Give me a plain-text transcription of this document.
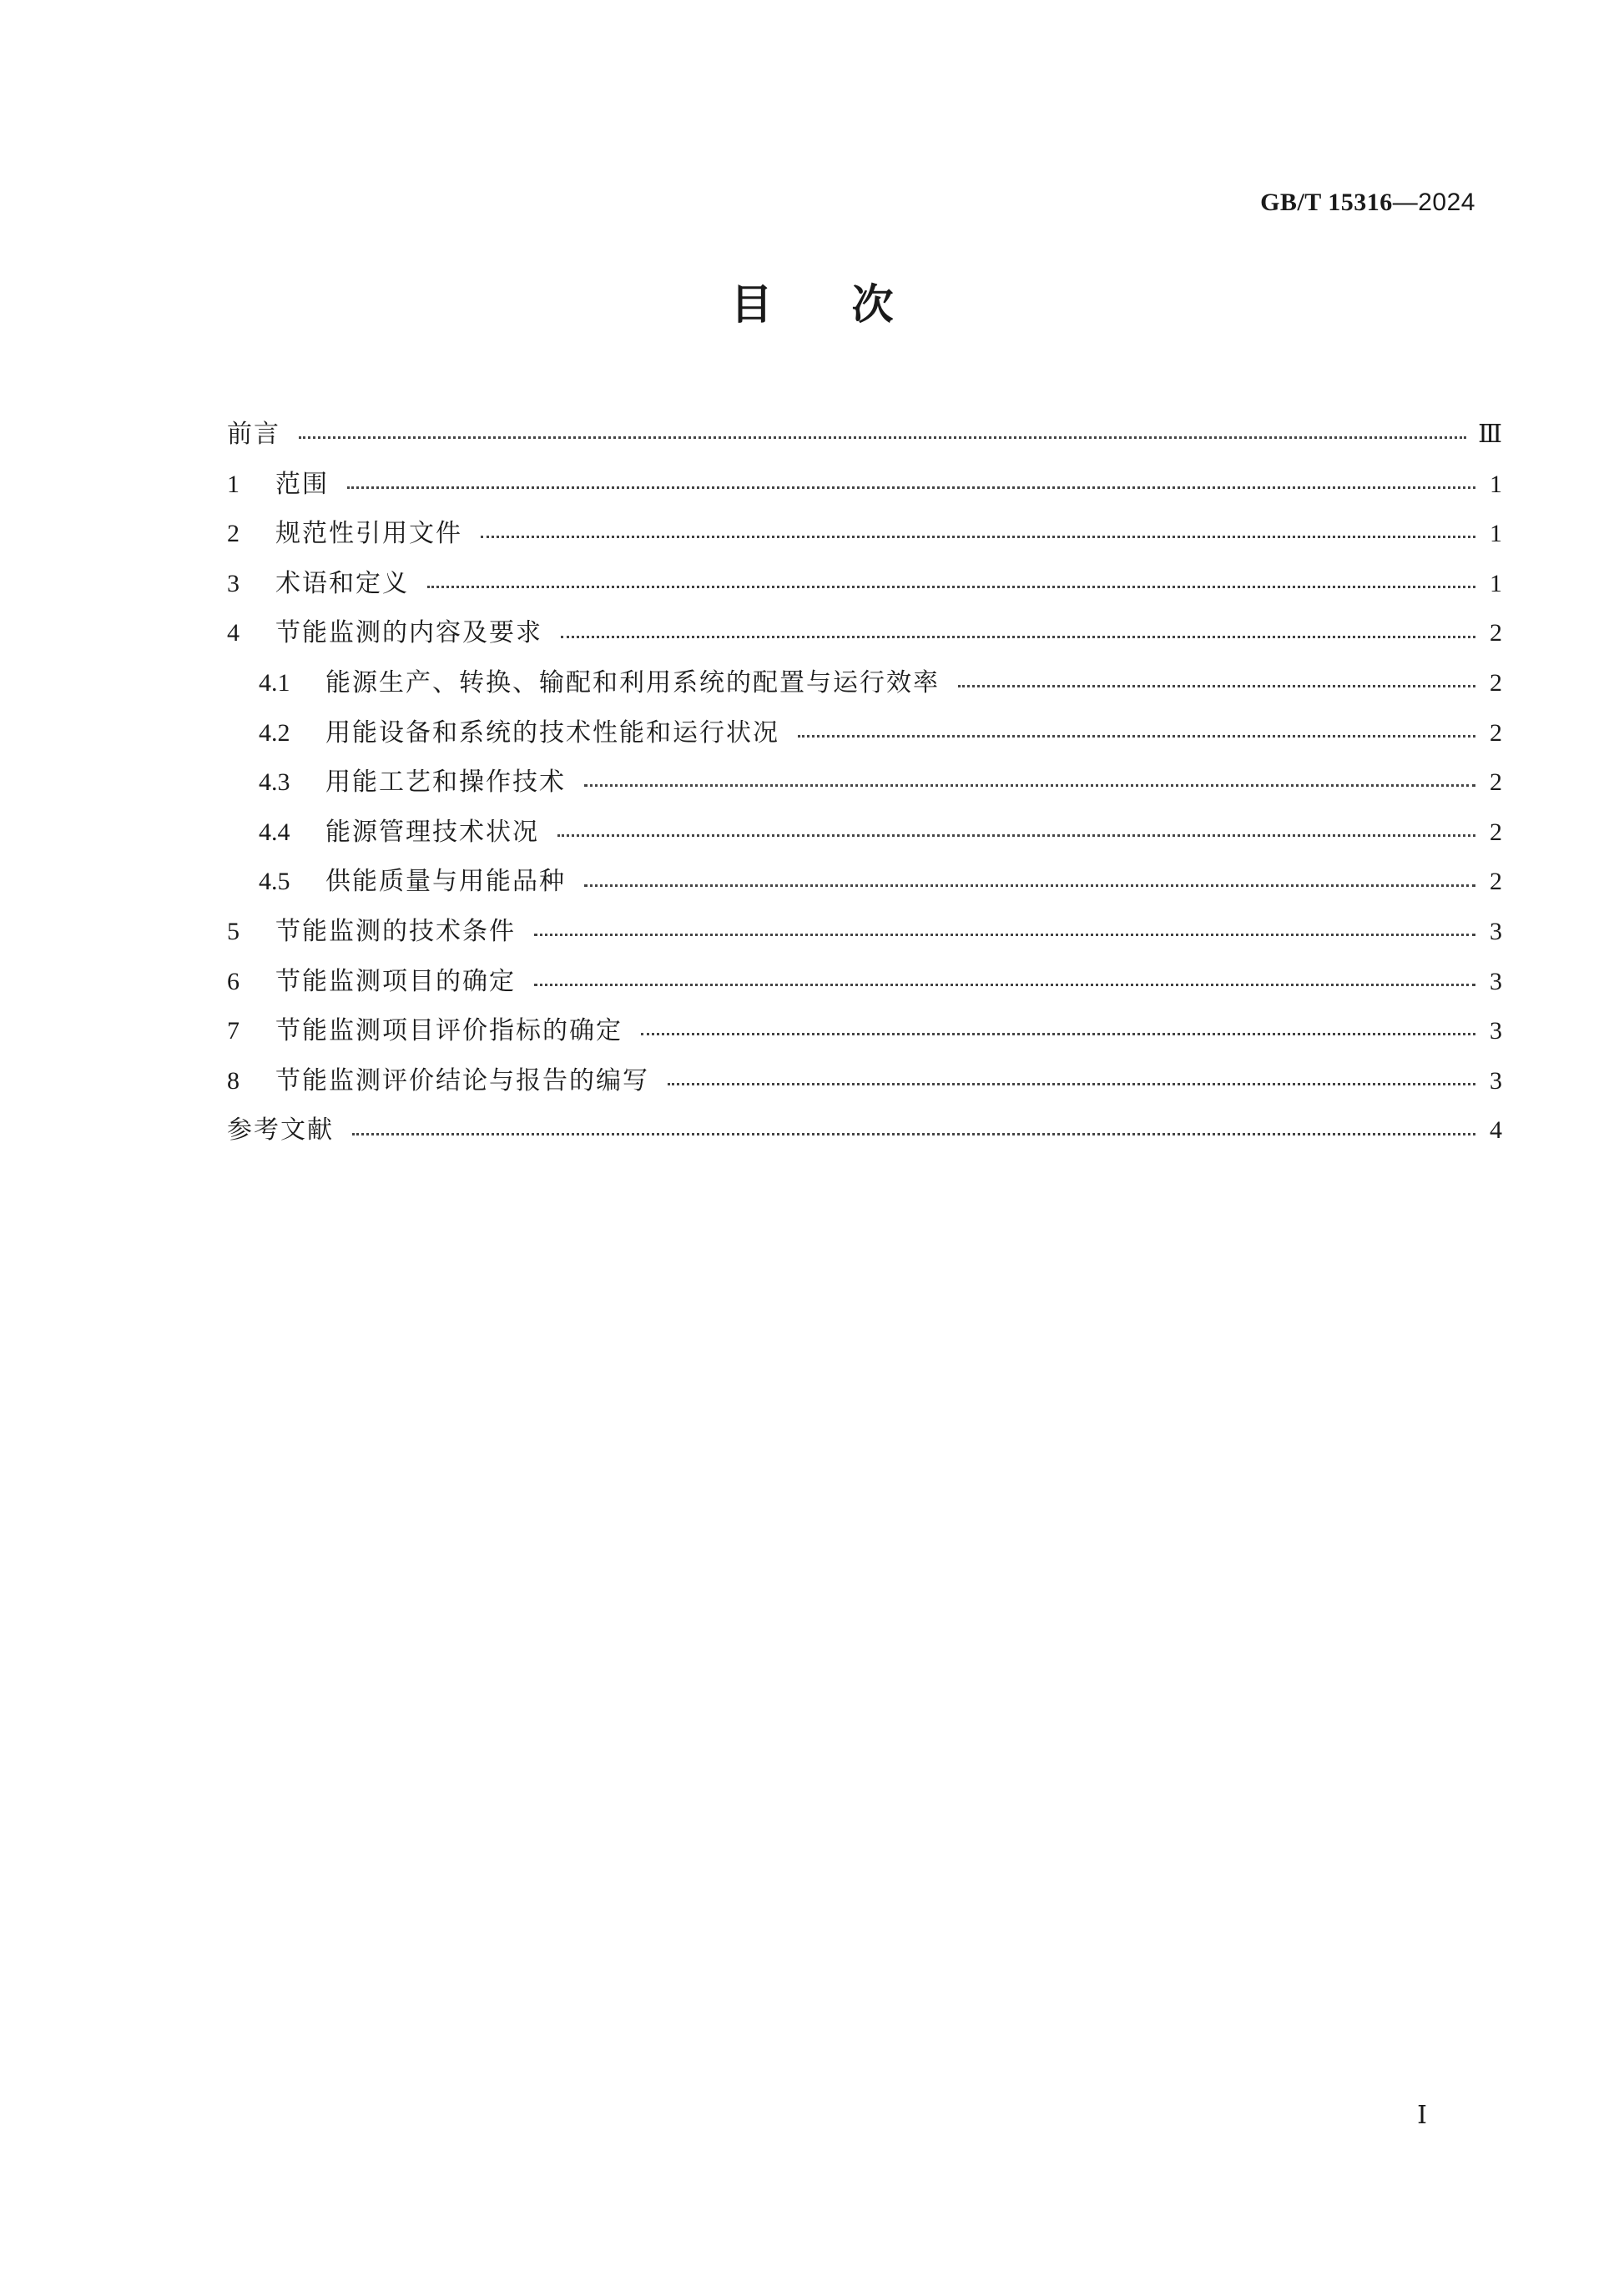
GB/T 15316—2024
目次
前言	Ⅲ
1	范围	1
2	规范性引用文件	1
3	术语和定义	1
4	节能监测的内容及要求	2
4.1	能源生产、转换、输配和利用系统的配置与运行效率	2
4.2	用能设备和系统的技术性能和运行状况	2
4.3	用能工艺和操作技术	2
4.4	能源管理技术状况	2
4.5	供能质量与用能品种	2
5	节能监测的技术条件	3
6	节能监测项目的确定	3
7	节能监测项目评价指标的确定	3
8	节能监测评价结论与报告的编写	3
参考文献	4
Ⅰ
